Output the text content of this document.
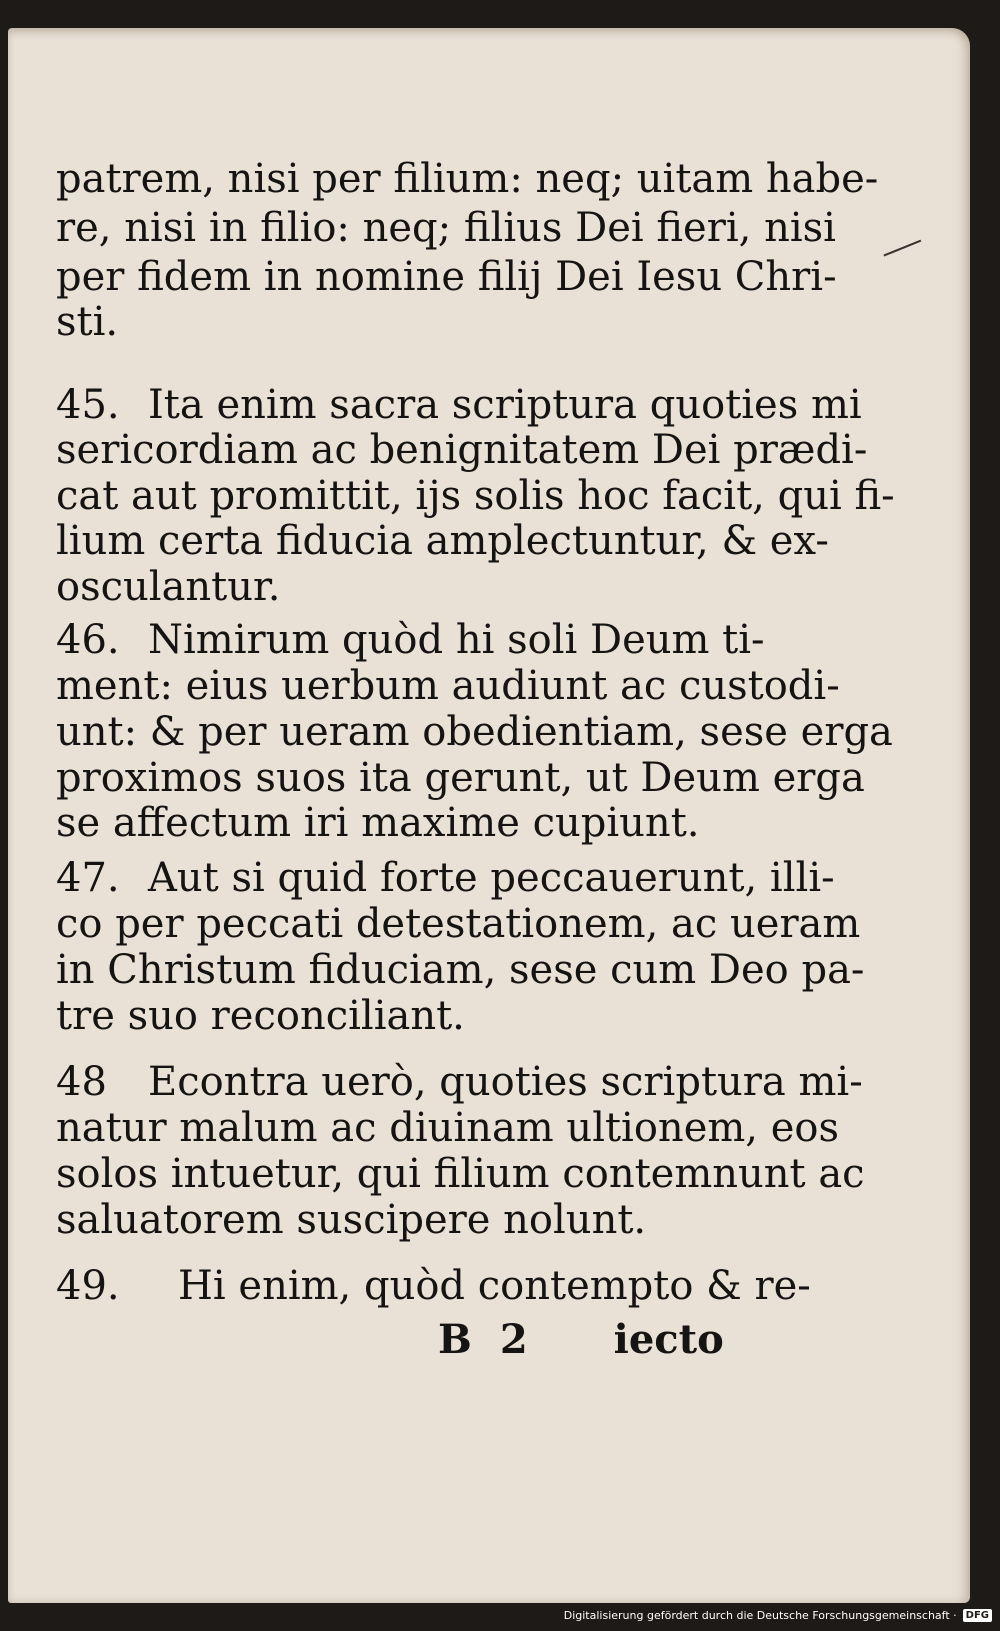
patrem, nisi per filium: neq; uitam habe-
re, nisi in filio: neq; filius Dei fieri, nisi
per fidem in nomine filij Dei Iesu Chri-
sti.
45. Ita enim sacra scriptura quoties mi
sericordiam ac benignitatem Dei prædi-
cat aut promittit, ijs solis hoc facit, qui fi-
lium certa fiducia amplectuntur, & ex-
osculantur.
46. Nimirum quòd hi soli Deum ti-
ment: eius uerbum audiunt ac custodi-
unt: & per ueram obedientiam, sese erga
proximos suos ita gerunt, ut Deum erga
se affectum iri maxime cupiunt.
47. Aut si quid forte peccauerunt, illi-
co per peccati detestationem, ac ueram
in Christum fiduciam, sese cum Deo pa-
tre suo reconciliant.
48 Econtra uerò, quoties scriptura mi-
natur malum ac diuinam ultionem, eos
solos intuetur, qui filium contemnunt ac
saluatorem suscipere nolunt.
49. Hi enim, quòd contempto & re-
B 2 iecto
Digitalisierung gefördert durch die Deutsche Forschungsgemeinschaft · DFG
